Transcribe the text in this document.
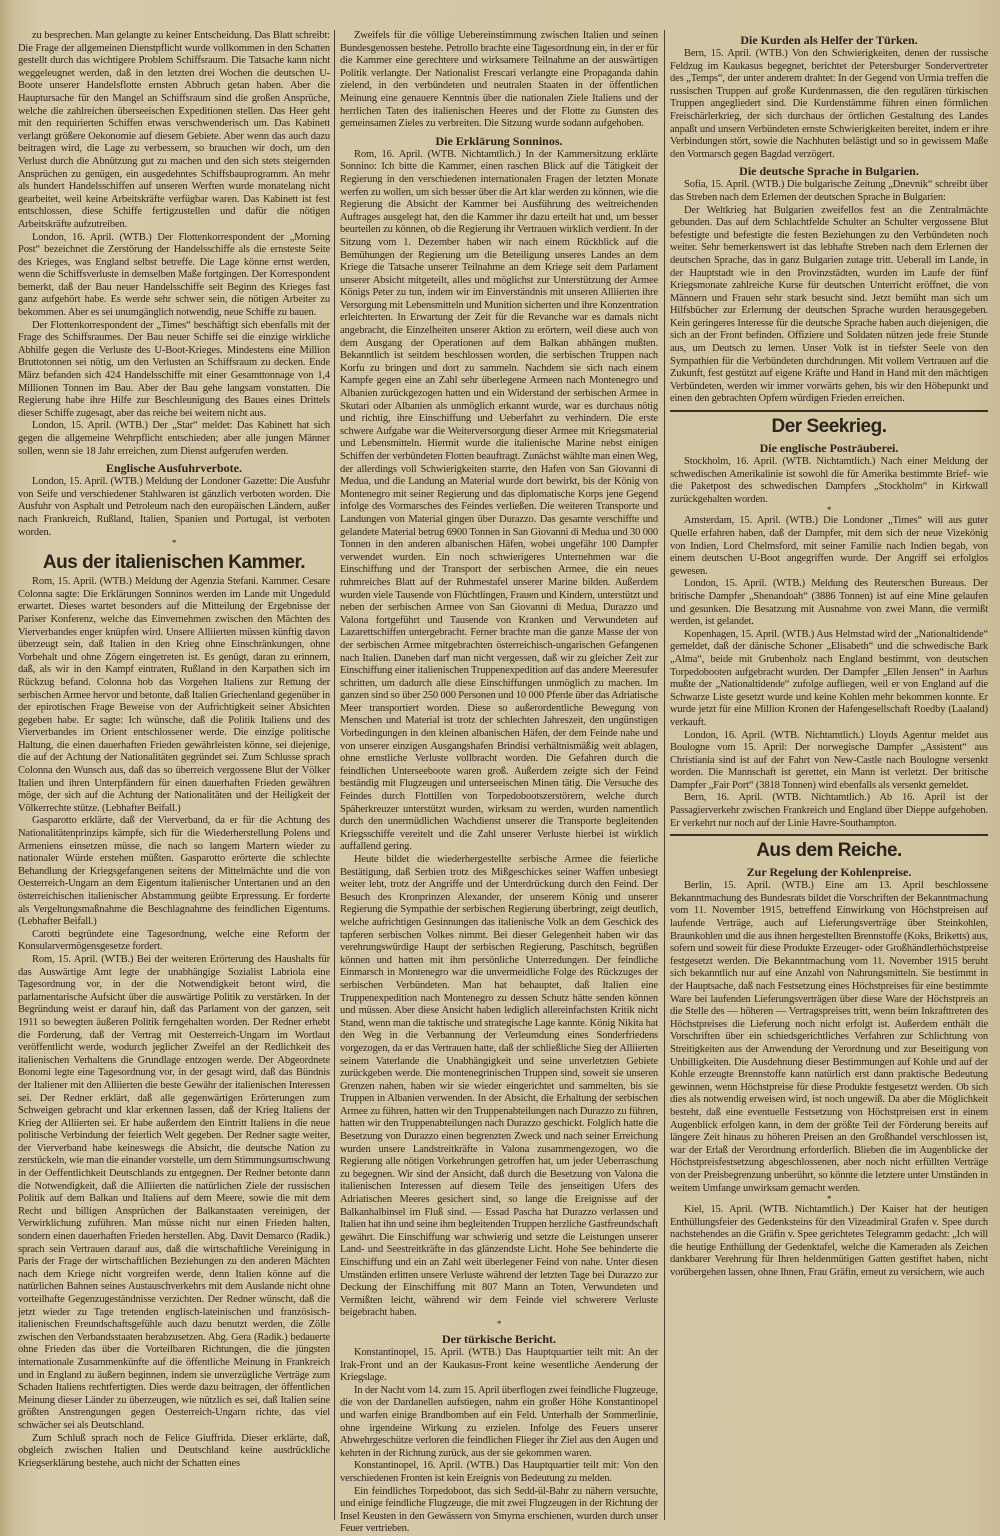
zu besprechen. Man gelangte zu keiner Entscheidung. Das Blatt schreibt: Die Frage der allgemeinen Dienstpflicht wurde vollkommen in den Schatten gestellt durch das wichtigere Problem Schiffsraum. Die Tatsache kann nicht weggeleugnet werden, daß in den letzten drei Wochen die deutschen U-Boote unserer Handelsflotte ernsten Abbruch getan haben. Aber die Hauptursache für den Mangel an Schiffsraum sind die großen Ansprüche, welche die zahlreichen überseeischen Expeditionen stellen. Das Heer geht mit den requirierten Schiffen etwas verschwenderisch um. Das Kabinett verlangt größere Oekonomie auf diesem Gebiete. Aber wenn das auch dazu beitragen wird, die Lage zu verbessern, so brauchen wir doch, um den Verlust durch die Abnützung gut zu machen und den sich stets steigernden Ansprüchen zu genügen, ein ausgedehntes Schiffsbauprogramm. An mehr als hundert Handelsschiffen auf unseren Werften wurde monatelang nicht gearbeitet, weil keine Arbeitskräfte verfügbar waren. Das Kabinett ist fest entschlossen, diese Schiffe fertigzustellen und dafür die nötigen Arbeitskräfte aufzutreiben.

London, 16. April. (WTB.) Der Flottenkorrespondent der „Morning Post“ bezeichnet die Zerstörung der Handelsschiffe als die ernsteste Seite des Krieges, was England selbst betreffe. Die Lage könne ernst werden, wenn die Schiffsverluste in demselben Maße fortgingen. Der Korrespondent bemerkt, daß der Bau neuer Handelsschiffe seit Beginn des Krieges fast ganz aufgehört habe. Es werde sehr schwer sein, die nötigen Arbeiter zu bekommen. Aber es sei unumgänglich notwendig, neue Schiffe zu bauen.

Der Flottenkorrespondent der „Times“ beschäftigt sich ebenfalls mit der Frage des Schiffsraumes. Der Bau neuer Schiffe sei die einzige wirkliche Abhilfe gegen die Verluste des U-Boot-Krieges. Mindestens eine Million Bruttotonnen sei nötig, um den Verlusten an Schiffsraum zu decken. Ende März befanden sich 424 Handelsschiffe mit einer Gesamttonnage von 1,4 Millionen Tonnen im Bau. Aber der Bau gehe langsam vonstatten. Die Regierung habe ihre Hilfe zur Beschleunigung des Baues eines Drittels dieser Schiffe zugesagt, aber das reiche bei weitem nicht aus.

London, 15. April. (WTB.) Der „Star“ meldet: Das Kabinett hat sich gegen die allgemeine Wehrpflicht entschieden; aber alle jungen Männer sollen, wenn sie 18 Jahr erreichen, zum Dienst aufgerufen werden.

Englische Ausfuhrverbote.

London, 15. April. (WTB.) Meldung der Londoner Gazette: Die Ausfuhr von Seife und verschiedener Stahlwaren ist gänzlich verboten worden. Die Ausfuhr von Asphalt und Petroleum nach den europäischen Ländern, außer nach Frankreich, Rußland, Italien, Spanien und Portugal, ist verboten worden.

*
Aus der italienischen Kammer.

Rom, 15. April. (WTB.) Meldung der Agenzia Stefani. Kammer. Cesare Colonna sagte: Die Erklärungen Sonninos werden im Lande mit Ungeduld erwartet. Dieses wartet besonders auf die Mitteilung der Ergebnisse der Pariser Konferenz, welche das Einvernehmen zwischen den Mächten des Vierverbandes enger knüpfen wird. Unsere Alliierten müssen künftig davon überzeugt sein, daß Italien in den Krieg ohne Einschränkungen, ohne Vorbehalt und ohne Zögern eingetreten ist. Es genügt, daran zu erinnern, daß, als wir in den Kampf eintraten, Rußland in den Karpathen sich im Rückzug befand. Colonna hob das Vorgehen Italiens zur Rettung der serbischen Armee hervor und betonte, daß Italien Griechenland gegenüber in der epirotischen Frage Beweise von der Aufrichtigkeit seiner Absichten gegeben habe. Er sagte: Ich wünsche, daß die Politik Italiens und des Vierverbandes im Orient entschlossener werde. Die einzige politische Haltung, die einen dauerhaften Frieden gewährleisten könne, sei diejenige, die auf der Achtung der Nationalitäten gegründet sei. Zum Schlusse sprach Colonna den Wunsch aus, daß das so überreich vergossene Blut der Völker Italien und ihren Unterpfändern für einen dauerhaften Frieden gewähren möge, der sich auf die Achtung der Nationalitäten und der Heiligkeit der Völkerrechte stütze. (Lebhafter Beifall.)

Gasparotto erklärte, daß der Vierverband, da er für die Achtung des Nationalitätenprinzips kämpfe, sich für die Wiederherstellung Polens und Armeniens einsetzen müsse, die nach so langem Martern wieder zu nationaler Würde erstehen müßten. Gasparotto erörterte die schlechte Behandlung der Kriegsgefangenen seitens der Mittelmächte und die von Oesterreich-Ungarn an dem Eigentum italienischer Untertanen und an den österreichischen italienischer Abstammung geübte Erpressung. Er forderte als Vergeltungsmaßnahme die Beschlagnahme des feindlichen Eigentums. (Lebhafter Beifall.)

Carotti begründete eine Tagesordnung, welche eine Reform der Konsularvermögensgesetze fordert.

Rom, 15. April. (WTB.) Bei der weiteren Erörterung des Haushalts für das Auswärtige Amt legte der unabhängige Sozialist Labriola eine Tagesordnung vor, in der die Notwendigkeit betont wird, die parlamentarische Aufsicht über die auswärtige Politik zu verstärken. In der Begründung weist er darauf hin, daß das Parlament von der ganzen, seit 1911 so bewegten äußeren Politik ferngehalten worden. Der Redner erhebt die Forderung, daß der Vertrag mit Oesterreich-Ungarn im Wortlaut veröffentlicht werde, wodurch jeglicher Zweifel an der Redlichkeit des italienischen Verhaltens die Grundlage entzogen werde. Der Abgeordnete Bonomi legte eine Tagesordnung vor, in der gesagt wird, daß das Bündnis der Italiener mit den Alliierten die beste Gewähr der italienischen Interessen sei. Der Redner erklärt, daß alle gegenwärtigen Erörterungen zum Schweigen gebracht und klar erkennen lassen, daß der Krieg Italiens der Krieg der Alliierten sei. Er habe außerdem den Eintritt Italiens in die neue politische Verbindung der feierlich Welt gegeben. Der Redner sagte weiter, der Vierverband habe keineswegs die Absicht, die deutsche Nation zu zerstückeln, wie man die einander vorstelle, um dem Stimmungsumschwung in der Oeffentlichkeit Deutschlands zu entgegnen. Der Redner betonte dann die Notwendigkeit, daß die Alliierten die natürlichen Ziele der russischen Politik auf dem Balkan und Italiens auf dem Meere, sowie die mit dem Recht und billigen Ansprüchen der Balkanstaaten vereinigen, der Verwirklichung zuführen. Man müsse nicht nur einen Frieden halten, sondern einen dauerhaften Frieden herstellen. Abg. Davit Demarco (Radik.) sprach sein Vertrauen darauf aus, daß die wirtschaftliche Vereinigung in Paris der Frage der wirtschaftlichen Beziehungen zu den anderen Mächten nach dem Kriege nicht vorgreifen werde, denn Italien könne auf die natürlichen Bahnen seines Austauschverkehrs mit dem Auslande nicht ohne vorteilhafte Gegenzugeständnisse verzichten. Der Redner wünscht, daß die jetzt wieder zu Tage tretenden englisch-lateinischen und französisch-italienischen Freundschaftsgefühle auch dazu benutzt werden, die Zölle zwischen den Verbandsstaaten herabzusetzen. Abg. Gera (Radik.) bedauerte ohne Frieden das über die Vorteilbaren Richtungen, die die jüngsten internationale Zusammenkünfte auf die öffentliche Meinung in Frankreich und in England zu äußern beginnen, indem sie unverzügliche Verträge zum Schaden Italiens rechtfertigten. Dies werde dazu beitragen, der öffentlichen Meinung dieser Länder zu überzeugen, wie nützlich es sei, daß Italien seine größten Anstrengungen gegen Oesterreich-Ungarn richte, das viel schwächer sei als Deutschland.

Zum Schluß sprach noch de Felice Giuffrida. Dieser erklärte, daß, obgleich zwischen Italien und Deutschland keine ausdrückliche Kriegserklärung bestehe, auch nicht der Schatten eines

Zweifels für die völlige Uebereinstimmung zwischen Italien und seinen Bundesgenossen bestehe. Petrollo brachte eine Tagesordnung ein, in der er für die Kammer eine gerechtere und wirksamere Teilnahme an der auswärtigen Politik verlangte. Der Nationalist Frescari verlangte eine Propaganda dahin zielend, in den verbündeten und neutralen Staaten in der öffentlichen Meinung eine genauere Kenntnis über die nationalen Ziele Italiens und der herrlichen Taten des italienischen Heeres und der Flotte zu Gunsten des gemeinsamen Zieles zu verbreiten. Die Sitzung wurde sodann aufgehoben.

Die Erklärung Sonninos.

Rom, 16. April. (WTB. Nichtamtlich.) In der Kammersitzung erklärte Sonnino: Ich bitte die Kammer, einen raschen Blick auf die Tätigkeit der Regierung in den verschiedenen internationalen Fragen der letzten Monate werfen zu wollen, um sich besser über die Art klar werden zu können, wie die Regierung die Absicht der Kammer bei Ausführung des weitreichenden Auftrages ausgelegt hat, den die Kammer ihr dazu erteilt hat und, um besser beurteilen zu können, ob die Regierung ihr Vertrauen wirklich verdient. In der Sitzung vom 1. Dezember haben wir nach einem Rückblick auf die Bemühungen der Regierung um die Beteiligung unseres Landes an dem Kriege die Tatsache unserer Teilnahme an dem Kriege seit dem Parlament unserer Absicht mitgeteilt, alles und möglichst zur Unterstützung der Armee Königs Peter zu tun, indem wir im Einverständnis mit unseren Alliierten ihre Versorgung mit Lebensmitteln und Munition sicherten und ihre Konzentration erleichterten. In Erwartung der Zeit für die Revanche war es damals nicht angebracht, die Einzelheiten unserer Aktion zu erörtern, weil diese auch von dem Ausgang der Operationen auf dem Balkan abhängen mußten. Bekanntlich ist seitdem beschlossen worden, die serbischen Truppen nach Korfu zu bringen und dort zu sammeln. Nachdem sie sich nach einem Kampfe gegen eine an Zahl sehr überlegene Armeen nach Montenegro und Albanien zurückgezogen hatten und ein Widerstand der serbischen Armee in Skutari oder Albanien als unmöglich erkannt wurde, war es durchaus nötig und richtig, ihre Einschiffung und Ueberfahrt zu verhindern. Die erste schwere Aufgabe war die Weiterversorgung dieser Armee mit Kriegsmaterial und Lebensmitteln. Hiermit wurde die italienische Marine nebst einigen Schiffen der verbündeten Flotten beauftragt. Zunächst wählte man einen Weg, der allerdings voll Schwierigkeiten starrte, den Hafen von San Giovanni di Medua, und die Landung an Material wurde dort bewirkt, bis der König von Montenegro mit seiner Regierung und das diplomatische Korps jene Gegend infolge des Vormarsches des Feindes verließen. Die weiteren Transporte und Landungen von Material gingen über Durazzo. Das gesamte verschiffte und gelandete Material betrug 6900 Tonnen in San Giovanni di Medua und 30 000 Tonnen in den anderen albanischen Häfen, wobei ungefähr 100 Dampfer verwendet wurden. Ein noch schwierigeres Unternehmen war die Einschiffung und der Transport der serbischen Armee, die ein neues ruhmreiches Blatt auf der Ruhmestafel unserer Marine bilden. Außerdem wurden viele Tausende von Flüchtlingen, Frauen und Kindern, unterstützt und neben der serbischen Armee von San Giovanni di Medua, Durazzo und Valona fortgeführt und Tausende von Kranken und Verwundeten auf Lazarettschiffen untergebracht. Ferner brachte man die ganze Masse der von der serbischen Armee mitgebrachten österreichisch-ungarischen Gefangenen nach Italien. Daneben darf man nicht vergessen, daß wir zu gleicher Zeit zur Einschiffung einer italienischen Truppenexpedition auf das andere Meeresufer schritten, um dadurch alle diese Einschiffungen unmöglich zu machen. Im ganzen sind so über 250 000 Personen und 10 000 Pferde über das Adriatische Meer transportiert worden. Diese so außerordentliche Bewegung von Menschen und Material ist trotz der schlechten Jahreszeit, den ungünstigen Vorbedingungen in den kleinen albanischen Häfen, der dem Feinde nahe und von unserer einzigen Ausgangshafen Brindisi verhältnismäßig weit ablagen, ohne ernstliche Verluste vollbracht worden. Die Gefahren durch die feindlichen Unterseeboote waren groß. Außerdem zeigte sich der Feind beständig mit Flugzeugen und unterseeischen Minen tätig. Die Versuche des Feindes durch Flottillen von Torpedobootszerstörern, welche durch Späherkreuzer unterstützt wurden, wirksam zu werden, wurden namentlich durch den unermüdlichen Wachdienst unserer die Transporte begleitenden Kriegsschiffe vereitelt und die Zahl unserer Verluste hierbei ist wirklich auffallend gering.

Heute bildet die wiederhergestellte serbische Armee die feierliche Bestätigung, daß Serbien trotz des Mißgeschickes seiner Waffen unbesiegt weiter lebt, trotz der Angriffe und der Unterdrückung durch den Feind. Der Besuch des Kronprinzen Alexander, der unserem König und unserer Regierung die Sympathie der serbischen Regierung überbringt, zeigt deutlich, welche aufrichtigen Gesinnungen das italienische Volk an dem Geschick des tapferen serbischen Volkes nimmt. Bei dieser Gelegenheit haben wir das verehrungswürdige Haupt der serbischen Regierung, Paschitsch, begrüßen können und hatten mit ihm persönliche Unterredungen. Der feindliche Einmarsch in Montenegro war die unvermeidliche Folge des Rückzuges der serbischen Verbündeten. Man hat behauptet, daß Italien eine Truppenexpedition nach Montenegro zu dessen Schutz hätte senden können und müssen. Aber diese Ansicht haben lediglich allereinfachsten Kritik nicht Stand, wenn man die taktische und strategische Lage kannte. König Nikita hat den Weg in die Verbannung der Verleumdung eines Sonderfriedens vorgezogen, da er das Vertrauen hatte, daß der schließliche Sieg der Alliierten seinem Vaterlande die Unabhängigkeit und seine unverletzten Gebiete zurückgeben werde. Die montenegrinischen Truppen sind, soweit sie unseren Grenzen nahen, haben wir sie wieder eingerichtet und sammelten, bis sie Truppen in Albanien verwenden. In der Absicht, die Erhaltung der serbischen Armee zu führen, hatten wir den Truppenabteilungen nach Durazzo zu führen, hatten wir den Truppenabteilungen nach Durazzo geschickt. Folglich hatte die Besetzung von Durazzo einen begrenzten Zweck und nach seiner Erreichung wurden unsere Landstreitkräfte in Valona zusammengezogen, wo die Regierung alle nötigen Vorkehrungen getroffen hat, um jeder Ueberraschung zu begegnen. Wir sind der Ansicht, daß durch die Besetzung von Valona die italienischen Interessen auf diesem Teile des jenseitigen Ufers des Adriatischen Meeres gesichert sind, so lange die Ereignisse auf der Balkanhalbinsel im Fluß sind. — Essad Pascha hat Durazzo verlassen und Italien hat ihn und seine ihm begleitenden Truppen herzliche Gastfreundschaft gewährt. Die Einschiffung war schwierig und setzte die Leistungen unserer Land- und Seestreitkräfte in das glänzendste Licht. Hohe See behinderte die Einschiffung und ein an Zahl weit überlegener Feind von nahe. Unter diesen Umständen erlitten unsere Verluste während der letzten Tage bei Durazzo zur Deckung der Einschiffung mit 807 Mann an Toten, Verwundeten und Vermißten leicht, während wir dem Feinde viel schwerere Verluste beigebracht haben.

*
Der türkische Bericht.

Konstantinopel, 15. April. (WTB.) Das Hauptquartier teilt mit: An der Irak-Front und an der Kaukasus-Front keine wesentliche Aenderung der Kriegslage.

In der Nacht vom 14. zum 15. April überflogen zwei feindliche Flugzeuge, die von der Dardanellen aufstiegen, nahm ein großer Höhe Konstantinopel und warfen einige Brandbomben auf ein Feld. Unterhalb der Sommerlinie, ohne irgendeine Wirkung zu erzielen. Infolge des Feuers unserer Abwehrgeschütze verloren die feindlichen Flieger ihr Ziel aus den Augen und kehrten in der Richtung zurück, aus der sie gekommen waren.

Konstantinopel, 16. April. (WTB.) Das Hauptquartier teilt mit: Von den verschiedenen Fronten ist kein Ereignis von Bedeutung zu melden.

Ein feindliches Torpedoboot, das sich Sedd-ül-Bahr zu nähern versuchte, und einige feindliche Flugzeuge, die mit zwei Flugzeugen in der Richtung der Insel Keusten in den Gewässern von Smyrna erschienen, wurden durch unser Feuer vertrieben.

Die Kurden als Helfer der Türken.

Bern, 15. April. (WTB.) Von den Schwierigkeiten, denen der russische Feldzug im Kaukasus begegnet, berichtet der Petersburger Sondervertreter des „Temps“, der unter anderem drahtet: In der Gegend von Urmia treffen die russischen Truppen auf große Kurdenmassen, die den regulären türkischen Truppen angegliedert sind. Die Kurdenstämme führen einen förmlichen Freischärlerkrieg, der sich durchaus der örtlichen Gestaltung des Landes anpaßt und unsern Verbündeten ernste Schwierigkeiten bereitet, indem er ihre Verbindungen stört, sowie die Nachhuten belästigt und so in gewissem Maße den Vormarsch gegen Bagdad verzögert.

Die deutsche Sprache in Bulgarien.

Sofia, 15. April. (WTB.) Die bulgarische Zeitung „Dnevnik“ schreibt über das Streben nach dem Erlernen der deutschen Sprache in Bulgarien:

Der Weltkrieg hat Bulgarien zweifellos fest an die Zentralmächte gebunden. Das auf dem Schlachtfelde Schulter an Schulter vergossene Blut befestigte und befestigte die festen Beziehungen zu den Verbündeten noch weiter. Sehr bemerkenswert ist das lebhafte Streben nach dem Erlernen der deutschen Sprache, das in ganz Bulgarien zutage tritt. Ueberall im Lande, in der Hauptstadt wie in den Provinzstädten, wurden im Laufe der fünf Kriegsmonate zahlreiche Kurse für deutschen Unterricht eröffnet, die von Männern und Frauen sehr stark besucht sind. Jetzt bemüht man sich um Hilfsbücher zur Erlernung der deutschen Sprache wurden herausgegeben. Kein geringeres Interesse für die deutsche Sprache haben auch diejenigen, die sich an der Front befinden. Offiziere und Soldaten nützen jede freie Stunde aus, um Deutsch zu lernen. Unser Volk ist in tiefster Seele von den Sympathien für die Verbündeten durchdrungen. Mit vollem Vertrauen auf die Zukunft, fest gestützt auf eigene Kräfte und Hand in Hand mit den mächtigen Verbündeten, werden wir immer vorwärts gehen, bis wir den Höhepunkt und einen den gebrachten Opfern würdigen Frieden erreichen.

Der Seekrieg.
Die englische Posträuberei.

Stockholm, 16. April. (WTB. Nichtamtlich.) Nach einer Meldung der schwedischen Amerikalinie ist sowohl die für Amerika bestimmte Brief- wie die Paketpost des schwedischen Dampfers „Stockholm“ in Kirkwall zurückgehalten worden.

*

Amsterdam, 15. April. (WTB.) Die Londoner „Times“ will aus guter Quelle erfahren haben, daß der Dampfer, mit dem sich der neue Vizekönig von Indien, Lord Chelmsford, mit seiner Familie nach Indien begab, von einem deutschen U-Boot angegriffen wurde. Der Angriff sei erfolglos gewesen.

London, 15. April. (WTB.) Meldung des Reuterschen Bureaus. Der britische Dampfer „Shenandoah“ (3886 Tonnen) ist auf eine Mine gelaufen und gesunken. Die Besatzung mit Ausnahme von zwei Mann, die vermißt werden, ist gelandet.

Kopenhagen, 15. April. (WTB.) Aus Helmstad wird der „Nationaltidende“ gemeldet, daß der dänische Schoner „Elisabeth“ und die schwedische Bark „Alma“, beide mit Grubenholz nach England bestimmt, von deutschen Torpedobooten aufgebracht wurden. Der Dampfer „Ellen Jensen“ in Aarhus mußte der „Nationaltidende“ zufolge aufliegen, weil er von England auf die Schwarze Liste gesetzt wurde und keine Kohlen mehr bekommen konnte. Er wurde jetzt für eine Million Kronen der Hafengesellschaft Roedby (Laaland) verkauft.

London, 16. April. (WTB. Nichtamtlich.) Lloyds Agentur meldet aus Boulogne vom 15. April: Der norwegische Dampfer „Assistent“ aus Christiania sind ist auf der Fahrt von New-Castle nach Boulogne versenkt worden. Die Mannschaft ist gerettet, ein Mann ist verletzt. Der britische Dampfer „Fair Port“ (3818 Tonnen) wird ebenfalls als versenkt gemeldet.

Bern, 16. April. (WTB. Nichtamtlich.) Ab 16. April ist der Passagierverkehr zwischen Frankreich und England über Dieppe aufgehoben. Er verkehrt nur noch auf der Linie Havre-Southampton.

Aus dem Reiche.
Zur Regelung der Kohlenpreise.

Berlin, 15. April. (WTB.) Eine am 13. April beschlossene Bekanntmachung des Bundesrats bildet die Vorschriften der Bekanntmachung vom 11. November 1915, betreffend Einwirkung von Höchstpreisen auf laufende Verträge, auch auf Lieferungsverträge über Steinkohlen, Braunkohlen und die aus ihnen hergestellten Brennstoffe (Koks, Briketts) aus, sofern und soweit für diese Produkte Erzeuger- oder Großhändlerhöchstpreise festgesetzt werden. Die Bekanntmachung vom 11. November 1915 beruht sich bekanntlich nur auf eine Anzahl von Nahrungsmitteln. Sie bestimmt in der Hauptsache, daß nach Festsetzung eines Höchstpreises für eine bestimmte Ware bei laufenden Lieferungsverträgen über diese Ware der Höchstpreis an die Stelle des — höheren — Vertragspreises tritt, wenn beim Inkrafttreten des Höchstpreises die Lieferung noch nicht erfolgt ist. Außerdem enthält die Vorschriften über ein schiedsgerichtliches Verfahren zur Schlichtung von Streitigkeiten aus der Anwendung der Verordnung und zur Beseitigung von Unbilligkeiten. Die Ausdehnung dieser Bestimmungen auf Kohle und auf der Kohle erzeugte Brennstoffe kann natürlich erst dann praktische Bedeutung gewinnen, wenn Höchstpreise für diese Produkte festgesetzt werden. Ob sich dies als notwendig erweisen wird, ist noch ungewiß. Da aber die Möglichkeit besteht, daß eine eventuelle Festsetzung von Höchstpreisen erst in einem Augenblick erfolgen kann, in dem der größte Teil der Förderung bereits auf längere Zeit hinaus zu höheren Preisen an den Großhandel verschlossen ist, war der Erlaß der Verordnung erforderlich. Blieben die im Augenblicke der Höchstpreisfestsetzung abgeschlossenen, aber noch nicht erfüllten Verträge von der Preisbegrenzung unberührt, so könnte die letztere unter Umständen in weitem Umfange unwirksam gemacht werden.

*

Kiel, 15. April. (WTB. Nichtamtlich.) Der Kaiser hat der heutigen Enthüllungsfeier des Gedenksteins für den Vizeadmiral Grafen v. Spee durch nachstehendes an die Gräfin v. Spee gerichtetes Telegramm gedacht: „Ich will die heutige Enthüllung der Gedenktafel, welche die Kameraden als Zeichen dankbarer Verehrung für Ihren heldenmütigen Gatten gestiftet haben, nicht vorübergehen lassen, ohne Ihnen, Frau Gräfin, erneut zu versichern, wie auch
